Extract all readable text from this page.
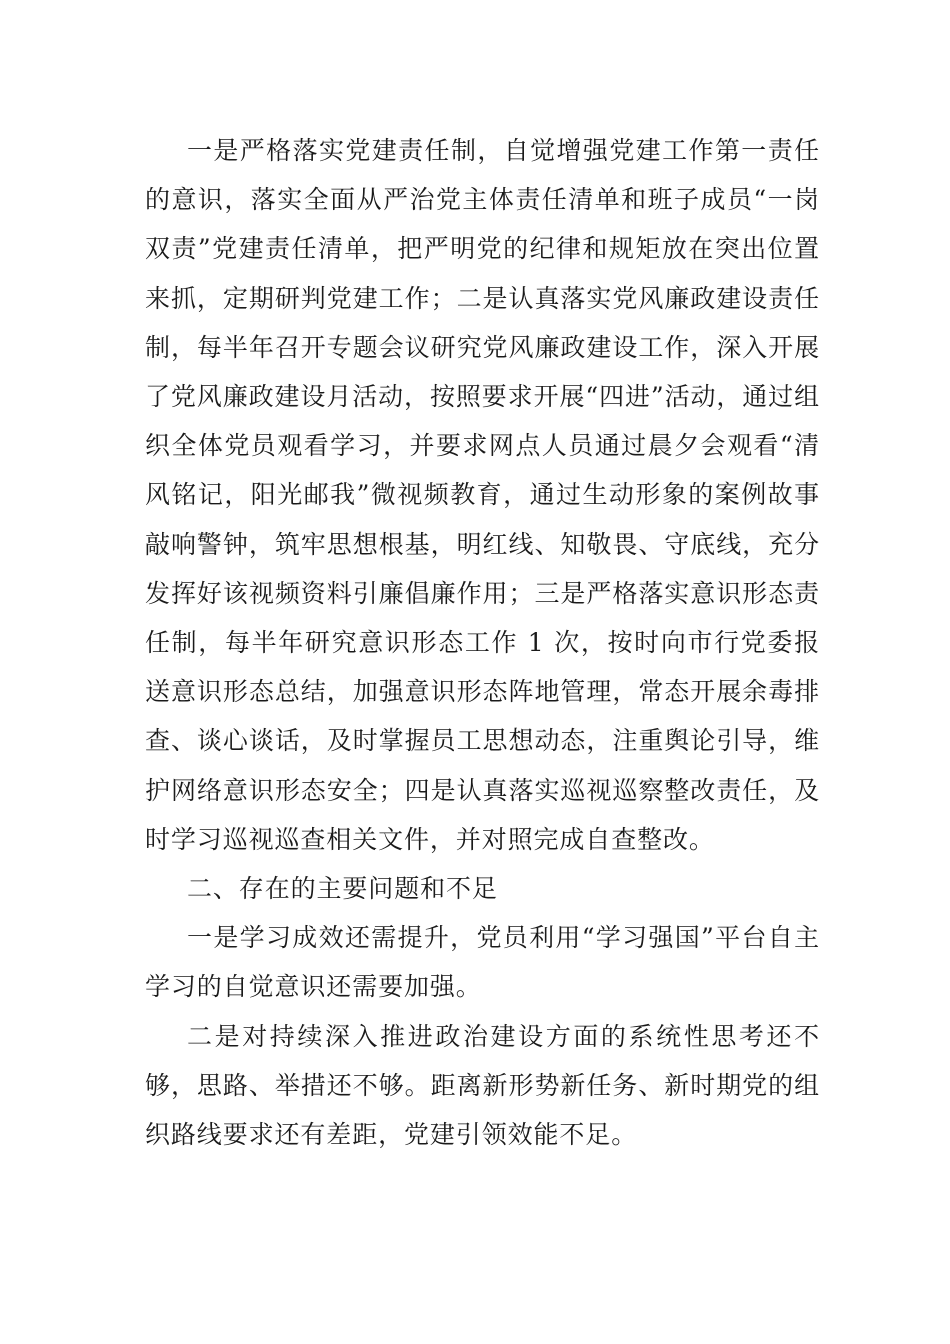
一是严格落实党建责任制，自觉增强党建工作第一责任的意识，落实全面从严治党主体责任清单和班子成员“一岗双责”党建责任清单，把严明党的纪律和规矩放在突出位置来抓，定期研判党建工作；二是认真落实党风廉政建设责任制，每半年召开专题会议研究党风廉政建设工作，深入开展了党风廉政建设月活动，按照要求开展“四进”活动，通过组织全体党员观看学习，并要求网点人员通过晨夕会观看“清风铭记，阳光邮我”微视频教育，通过生动形象的案例故事敲响警钟，筑牢思想根基，明红线、知敬畏、守底线，充分发挥好该视频资料引廉倡廉作用；三是严格落实意识形态责任制，每半年研究意识形态工作 1 次，按时向市行党委报送意识形态总结，加强意识形态阵地管理，常态开展余毒排查、谈心谈话，及时掌握员工思想动态，注重舆论引导，维护网络意识形态安全；四是认真落实巡视巡察整改责任，及时学习巡视巡查相关文件，并对照完成自查整改。

二、存在的主要问题和不足

一是学习成效还需提升，党员利用“学习强国”平台自主学习的自觉意识还需要加强。

二是对持续深入推进政治建设方面的系统性思考还不够，思路、举措还不够。距离新形势新任务、新时期党的组织路线要求还有差距，党建引领效能不足。
